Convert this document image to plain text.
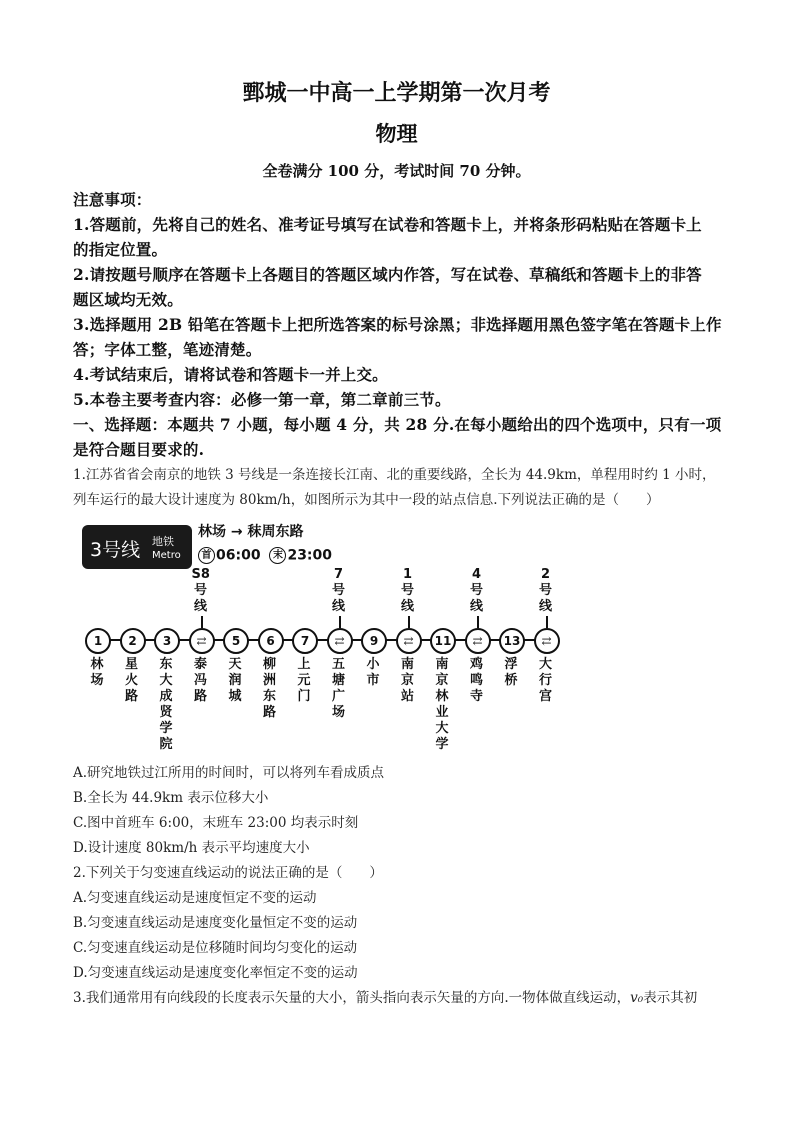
鄄城一中高一上学期第一次月考
物理
全卷满分 100 分，考试时间 70 分钟。
注意事项：
1.答题前，先将自己的姓名、准考证号填写在试卷和答题卡上，并将条形码粘贴在答题卡上
的指定位置。
2.请按题号顺序在答题卡上各题目的答题区域内作答，写在试卷、草稿纸和答题卡上的非答
题区域均无效。
3.选择题用 2B 铅笔在答题卡上把所选答案的标号涂黑；非选择题用黑色签字笔在答题卡上作
答；字体工整，笔迹清楚。
4.考试结束后，请将试卷和答题卡一并上交。
5.本卷主要考查内容：必修一第一章，第二章前三节。
一、选择题：本题共 7 小题，每小题 4 分，共 28 分.在每小题给出的四个选项中，只有一项
是符合题目要求的.
1.江苏省省会南京的地铁 3 号线是一条连接长江南、北的重要线路，全长为 44.9km，单程用时约 1 小时，
列车运行的最大设计速度为 80km/h，如图所示为其中一段的站点信息.下列说法正确的是（　　）
3号线 地铁
Metro
林场 → 秣周东路
首 06:00 末 23:00
1
林
场
2
星
火
路
3
东
大
成
贤
学
院
⇄
泰
冯
路
S8
号
线
5
天
润
城
6
柳
洲
东
路
7
上
元
门
⇄
五
塘
广
场
7
号
线
9
小
市
⇄
南
京
站
1
号
线
11
南
京
林
业
大
学
⇄
鸡
鸣
寺
4
号
线
13
浮
桥
⇄
大
行
宫
2
号
线
A.研究地铁过江所用的时间时，可以将列车看成质点
B.全长为 44.9km 表示位移大小
C.图中首班车 6:00，末班车 23:00 均表示时刻
D.设计速度 80km/h 表示平均速度大小
2.下列关于匀变速直线运动的说法正确的是（　　）
A.匀变速直线运动是速度恒定不变的运动
B.匀变速直线运动是速度变化量恒定不变的运动
C.匀变速直线运动是位移随时间均匀变化的运动
D.匀变速直线运动是速度变化率恒定不变的运动
3.我们通常用有向线段的长度表示矢量的大小，箭头指向表示矢量的方向.一物体做直线运动，v₀表示其初
